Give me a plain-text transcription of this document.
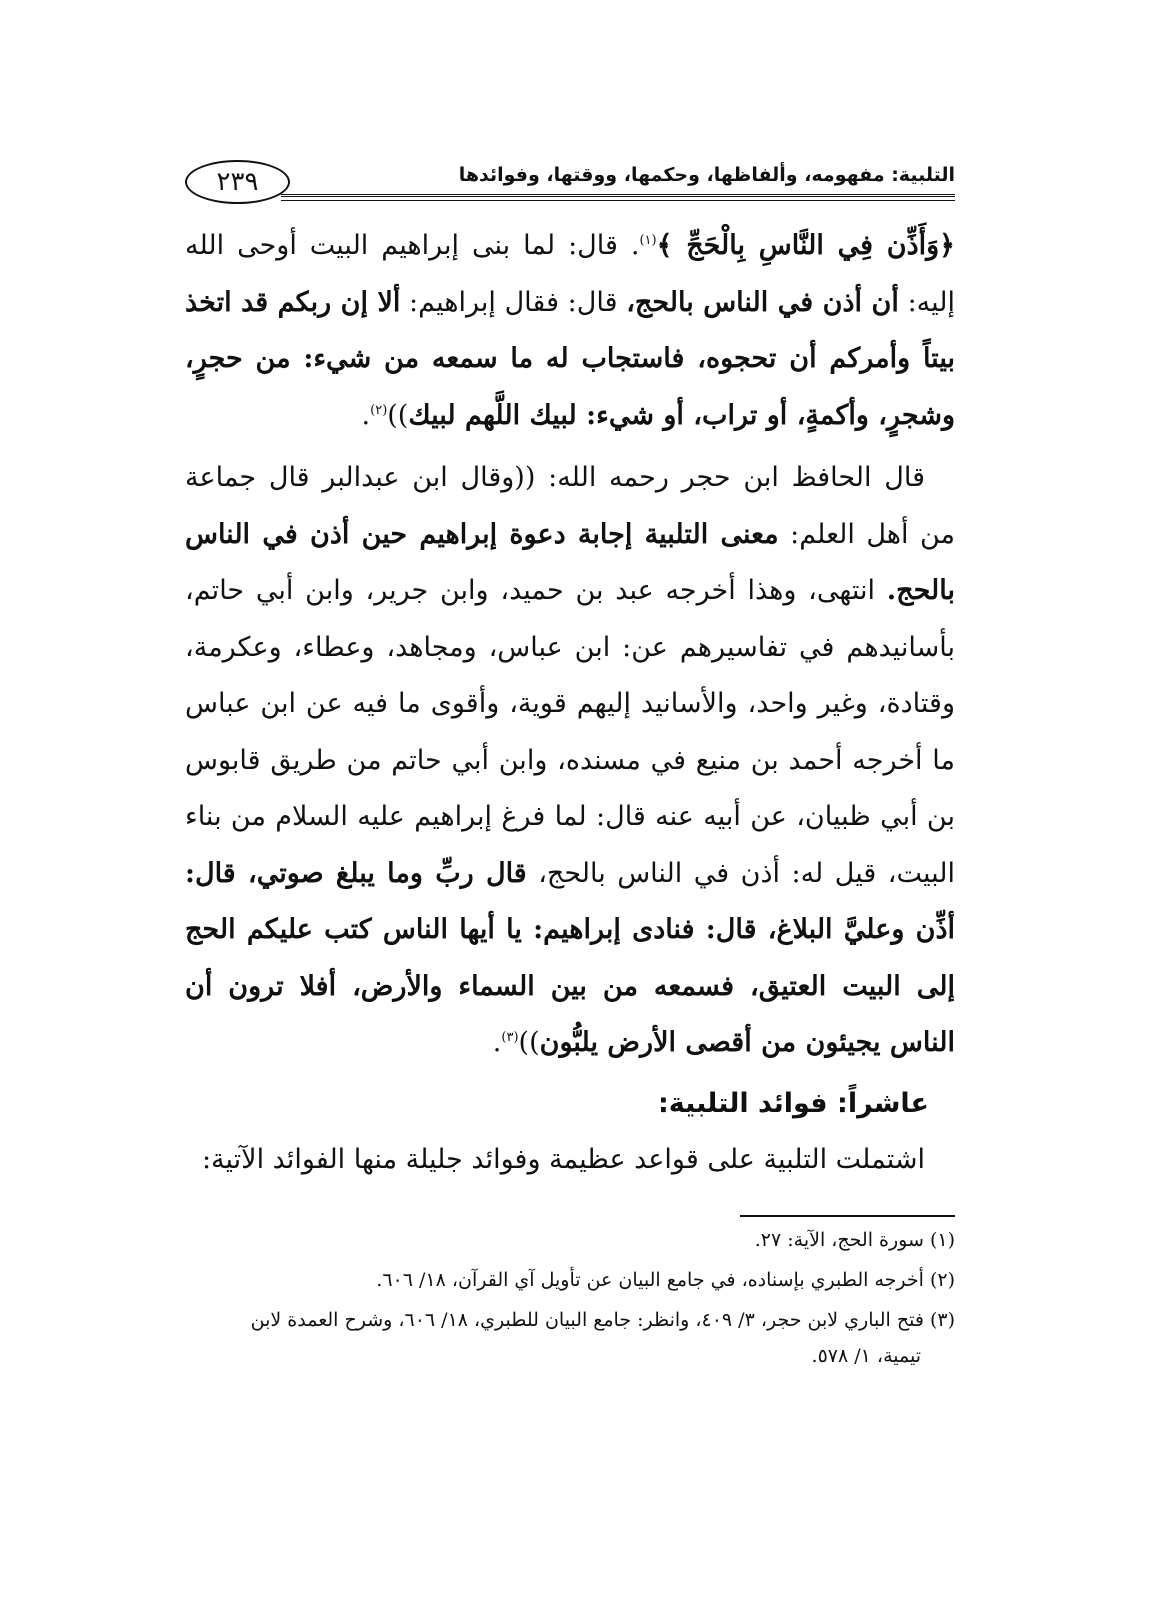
التلبية: مفهومه، وألفاظها، وحكمها، ووقتها، وفوائدها
٢٣٩

﴿وَأَذِّن فِي النَّاسِ بِالْحَجِّ ﴾$^{(١)}$. قال: لما بنى إبراهيم البيت أوحى الله إليه: أن أذن في الناس بالحج، قال: فقال إبراهيم: ألا إن ربكم قد اتخذ بيتاً وأمركم أن تحجوه، فاستجاب له ما سمعه من شيء: من حجرٍ، وشجرٍ، وأكمةٍ، أو تراب، أو شيء: لبيك اللَّهم لبيك))$^{(٢)}$.

قال الحافظ ابن حجر رحمه الله: ((وقال ابن عبدالبر قال جماعة من أهل العلم: معنى التلبية إجابة دعوة إبراهيم حين أذن في الناس بالحج. انتهى، وهذا أخرجه عبد بن حميد، وابن جرير، وابن أبي حاتم، بأسانيدهم في تفاسيرهم عن: ابن عباس، ومجاهد، وعطاء، وعكرمة، وقتادة، وغير واحد، والأسانيد إليهم قوية، وأقوى ما فيه عن ابن عباس ما أخرجه أحمد بن منيع في مسنده، وابن أبي حاتم من طريق قابوس بن أبي ظبيان، عن أبيه عنه قال: لما فرغ إبراهيم عليه السلام من بناء البيت، قيل له: أذن في الناس بالحج، قال ربِّ وما يبلغ صوتي، قال: أذِّن وعليَّ البلاغ، قال: فنادى إبراهيم: يا أيها الناس كتب عليكم الحج إلى البيت العتيق، فسمعه من بين السماء والأرض، أفلا ترون أن الناس يجيئون من أقصى الأرض يلبُّون))$^{(٣)}$.

عاشراً: فوائد التلبية:

اشتملت التلبية على قواعد عظيمة وفوائد جليلة منها الفوائد الآتية:

(١) سورة الحج، الآية: ٢٧.

(٢) أخرجه الطبري بإسناده، في جامع البيان عن تأويل آي القرآن، ١٨/ ٦٠٦.

(٣) فتح الباري لابن حجر، ٣/ ٤٠٩، وانظر: جامع البيان للطبري، ١٨/ ٦٠٦، وشرح العمدة لابن
تيمية، ١/ ٥٧٨.
